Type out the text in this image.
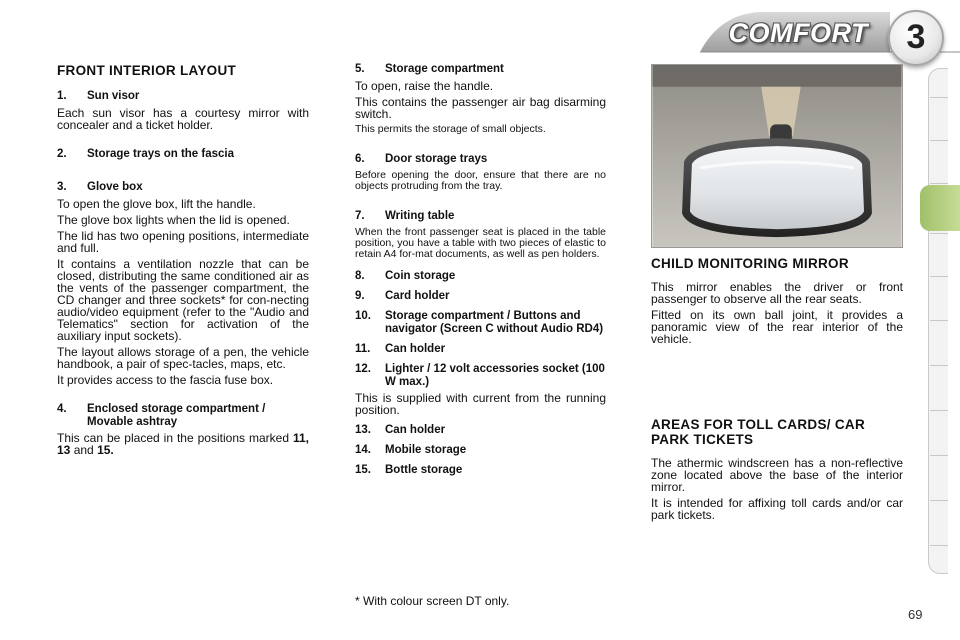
COMFORT	3
FRONT INTERIOR LAYOUT
1. Sun visor

Each sun visor has a courtesy mirror with concealer and a ticket holder.

2. Storage trays on the fascia
3. Glove box

To open the glove box, lift the handle.

The glove box lights when the lid is opened.

The lid has two opening positions, intermediate and full.

It contains a ventilation nozzle that can be closed, distributing the same conditioned air as the vents of the passenger compartment, the CD changer and three sockets* for con-necting audio/video equipment (refer to the "Audio and Telematics" section for activation of the auxiliary input sockets).

The layout allows storage of a pen, the vehicle handbook, a pair of spec-tacles, maps, etc.

It provides access to the fascia fuse box.

4. Enclosed storage compartment / Movable ashtray

This can be placed in the positions marked 11, 13 and 15.

5. Storage compartment

To open, raise the handle.

This contains the passenger air bag disarming switch.

This permits the storage of small objects.

6. Door storage trays

Before opening the door, ensure that there are no objects protruding from the tray.

7. Writing table

When the front passenger seat is placed in the table position, you have a table with two pieces of elastic to retain A4 for-mat documents, as well as pen holders.

8. Coin storage
9. Card holder
10. Storage compartment / Buttons and navigator (Screen C without Audio RD4)
11. Can holder
12. Lighter / 12 volt accessories socket (100 W max.)

This is supplied with current from the running position.

13. Can holder
14. Mobile storage
15. Bottle storage
* With colour screen DT only.
CHILD MONITORING MIRROR

This mirror enables the driver or front passenger to observe all the rear seats.

Fitted on its own ball joint, it provides a panoramic view of the rear interior of the vehicle.

AREAS FOR TOLL CARDS/ CAR PARK TICKETS

The athermic windscreen has a non-reflective zone located above the base of the interior mirror.

It is intended for affixing toll cards and/or car park tickets.

69
